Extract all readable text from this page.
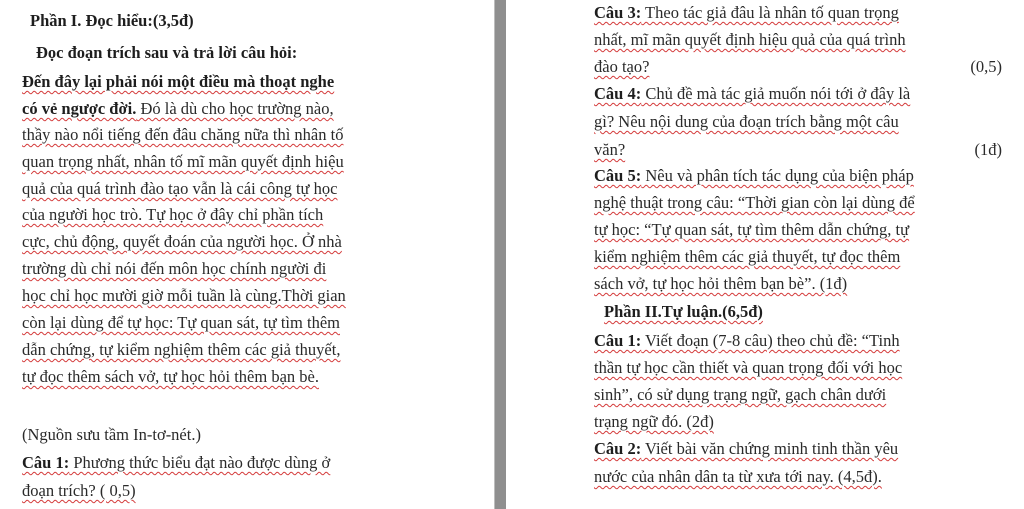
Phần I. Đọc hiểu:(3,5đ)
Đọc đoạn trích sau và trả lời câu hỏi:
Đến đây lại phải nói một điều mà thoạt nghe
có vẻ ngược đời. Đó là dù cho học trường nào,
thầy nào nổi tiếng đến đâu chăng nữa thì nhân tố
quan trọng nhất, nhân tố mĩ mãn quyết định hiệu
quả của quá trình đào tạo vẫn là cái công tự học
của người học trò. Tự học ở đây chỉ phần tích
cực, chủ động, quyết đoán của người học. Ở nhà
trường dù chỉ nói đến môn học chính người đi
học chỉ học mười giờ mỗi tuần là cùng.Thời gian
còn lại dùng để tự học: Tự quan sát, tự tìm thêm
dẫn chứng, tự kiểm nghiệm thêm các giả thuyết,
tự đọc thêm sách vở, tự học hỏi thêm bạn bè.
(Nguồn sưu tầm In-tơ-nét.)
Câu 1: Phương thức biểu đạt nào được dùng ở
đoạn trích? ( 0,5)
Câu 3: Theo tác giả đâu là nhân tố quan trọng
nhất, mĩ mãn quyết định hiệu quả của quá trình
đào tạo?	(0,5)
Câu 4: Chủ đề mà tác giả muốn nói tới ở đây là
gì? Nêu nội dung của đoạn trích bằng một câu
văn?	(1đ)
Câu 5: Nêu và phân tích tác dụng của biện pháp
nghệ thuật trong câu: “Thời gian còn lại dùng để
tự học: “Tự quan sát, tự tìm thêm dẫn chứng, tự
kiểm nghiệm thêm các giả thuyết, tự đọc thêm
sách vở, tự học hỏi thêm bạn bè”. (1đ)
Phần II.Tự luận.(6,5đ)
Câu 1: Viết đoạn (7-8 câu) theo chủ đề: “Tinh
thần tự học cần thiết và quan trọng đối với học
sinh”, có sử dụng trạng ngữ, gạch chân dưới
trạng ngữ đó. (2đ)
Câu 2: Viết bài văn chứng minh tinh thần yêu
nước của nhân dân ta từ xưa tới nay. (4,5đ).
